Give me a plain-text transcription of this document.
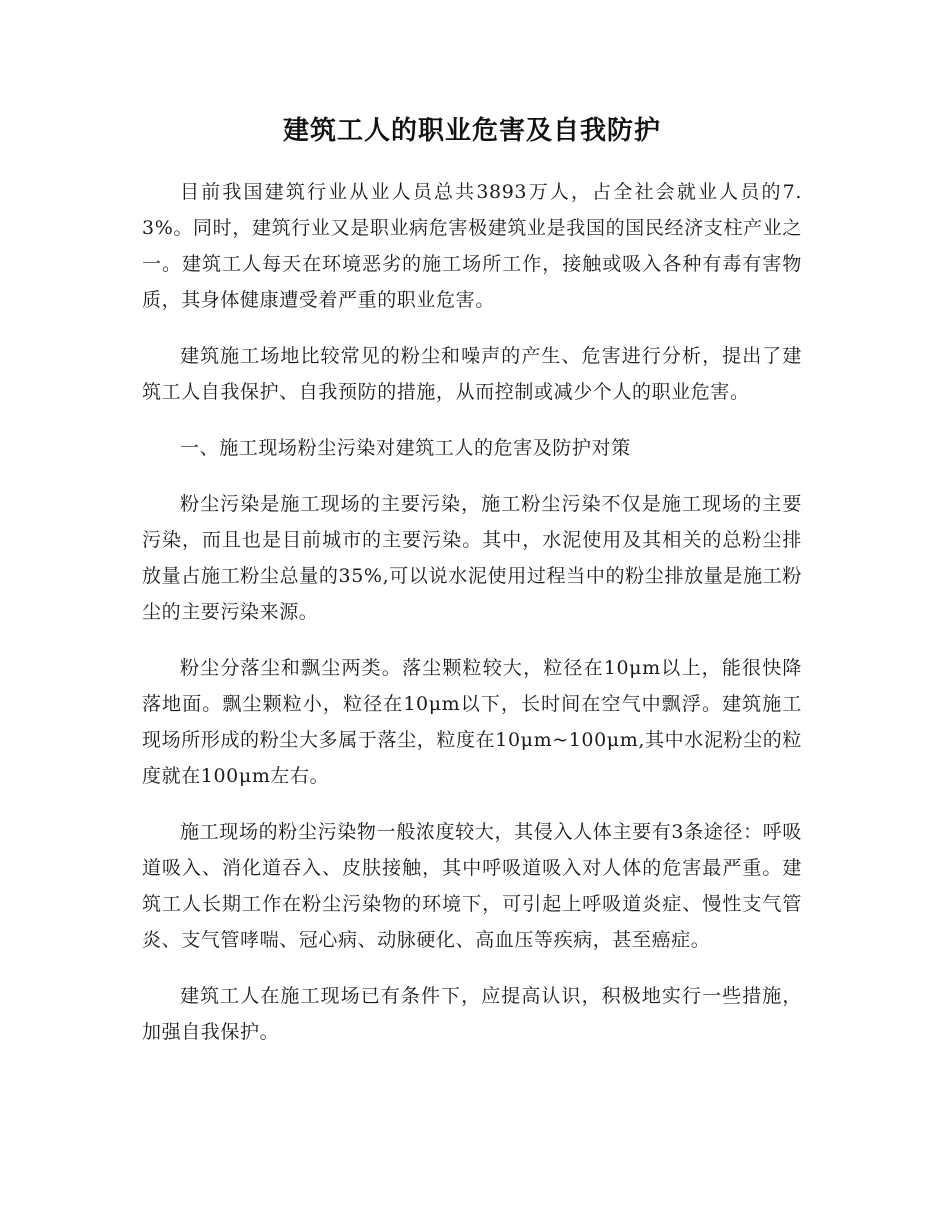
建筑工人的职业危害及自我防护

目前我国建筑行业从业人员总共3893万人，占全社会就业人员的7.3%。同时，建筑行业又是职业病危害极建筑业是我国的国民经济支柱产业之一。建筑工人每天在环境恶劣的施工场所工作，接触或吸入各种有毒有害物质，其身体健康遭受着严重的职业危害。

建筑施工场地比较常见的粉尘和噪声的产生、危害进行分析，提出了建筑工人自我保护、自我预防的措施，从而控制或减少个人的职业危害。

一、施工现场粉尘污染对建筑工人的危害及防护对策

粉尘污染是施工现场的主要污染，施工粉尘污染不仅是施工现场的主要污染，而且也是目前城市的主要污染。其中，水泥使用及其相关的总粉尘排放量占施工粉尘总量的35%,可以说水泥使用过程当中的粉尘排放量是施工粉尘的主要污染来源。

粉尘分落尘和飘尘两类。落尘颗粒较大，粒径在10μm以上，能很快降落地面。飘尘颗粒小，粒径在10μm以下，长时间在空气中飘浮。建筑施工现场所形成的粉尘大多属于落尘，粒度在10μm~100μm,其中水泥粉尘的粒度就在100μm左右。

施工现场的粉尘污染物一般浓度较大，其侵入人体主要有3条途径：呼吸道吸入、消化道吞入、皮肤接触，其中呼吸道吸入对人体的危害最严重。建筑工人长期工作在粉尘污染物的环境下，可引起上呼吸道炎症、慢性支气管炎、支气管哮喘、冠心病、动脉硬化、高血压等疾病，甚至癌症。

建筑工人在施工现场已有条件下，应提高认识，积极地实行一些措施，加强自我保护。
